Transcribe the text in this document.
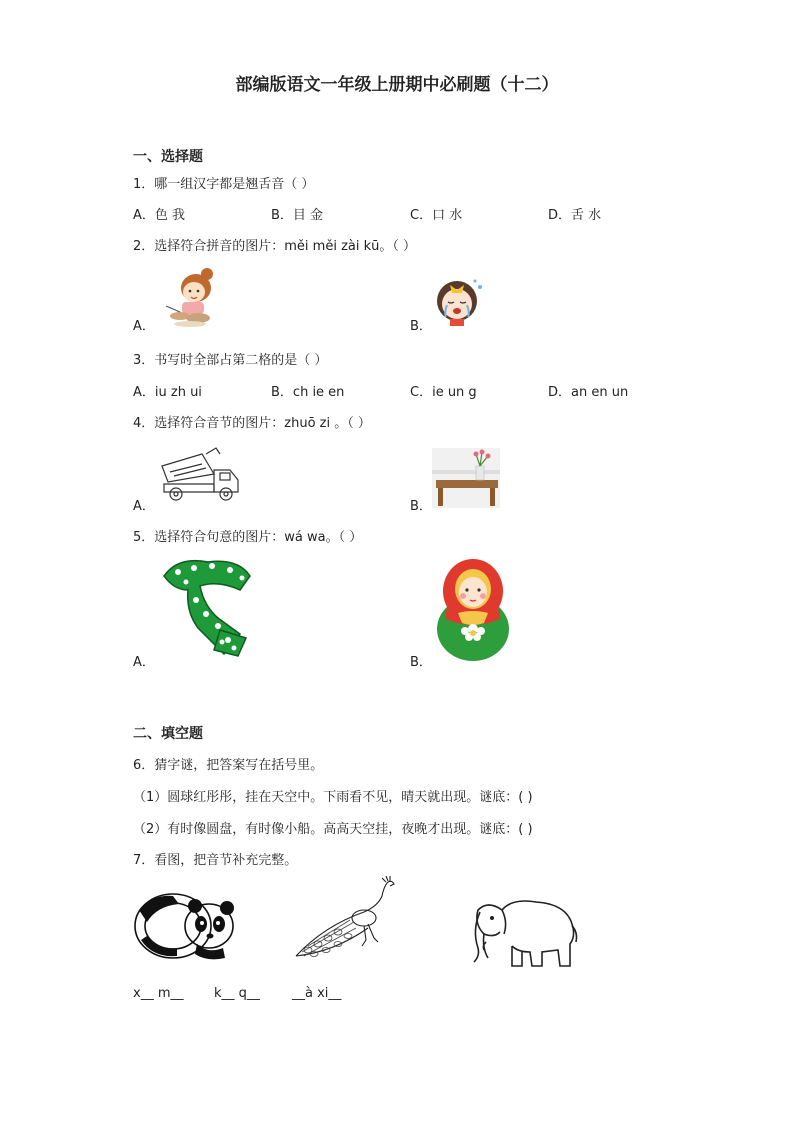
部编版语文一年级上册期中必刷题（十二）
一、选择题
1．哪一组汉字都是翘舌音（ ）
A．色 我	B．目 金	C．口 水	D．舌 水
2．选择符合拼音的图片：měi měi zài kū。（ ）
A．	B．
3．书写时全部占第二格的是（ ）
A．iu zh ui	B．ch ie en	C．ie un g	D．an en un
4．选择符合音节的图片：zhuō zi 。（ ）
A．	B．
5．选择符合句意的图片：wá wa。（ ）
A．	B．
二、填空题
6．猜字谜，把答案写在括号里。
（1）圆球红彤彤，挂在天空中。下雨看不见，晴天就出现。谜底：( )
（2）有时像圆盘，有时像小船。高高天空挂，夜晚才出现。谜底：( )
7．看图，把音节补充完整。
x__ m__ k__ q__ __à xi__
